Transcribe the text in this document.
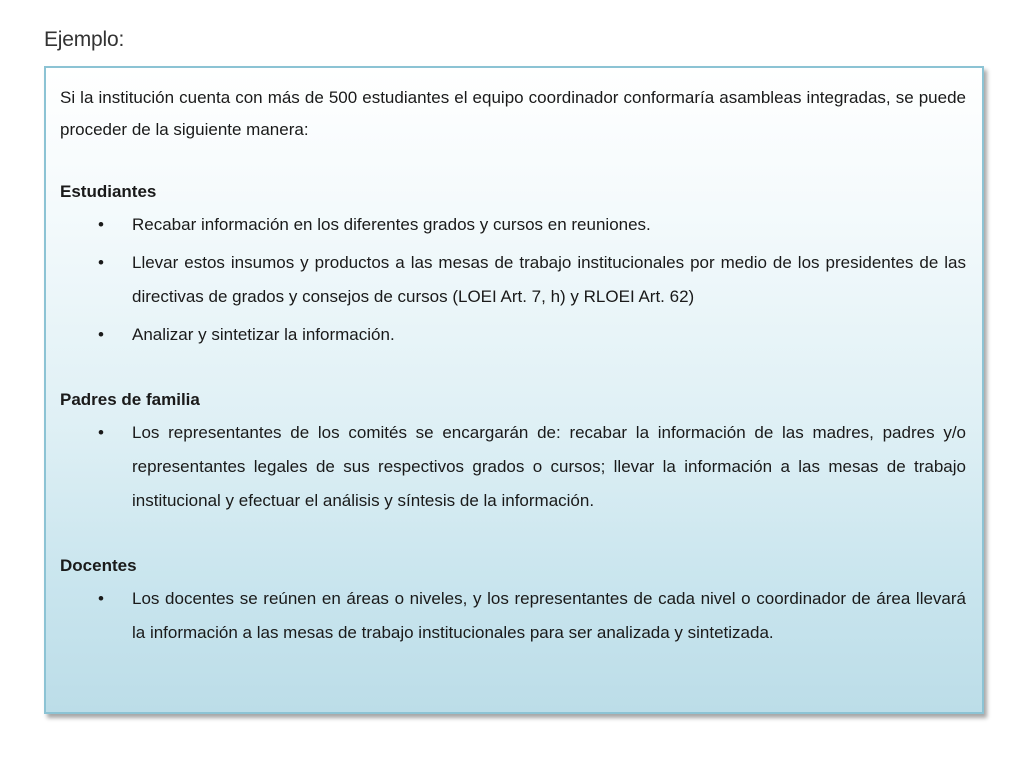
Ejemplo:

Si la institución cuenta con más de 500 estudiantes el equipo coordinador conformaría asambleas integradas, se puede proceder de la siguiente manera:

Estudiantes

• Recabar información en los diferentes grados y cursos en reuniones.
• Llevar estos insumos y productos a las mesas de trabajo institucionales por medio de los presidentes de las directivas de grados y consejos de cursos (LOEI Art. 7, h) y RLOEI Art. 62)
• Analizar y sintetizar la información.

Padres de familia

• Los representantes de los comités se encargarán de: recabar la información de las madres, padres y/o representantes legales de sus respectivos grados o cursos; llevar la información a las mesas de trabajo institucional y efectuar el análisis y síntesis de la información.

Docentes

• Los docentes se reúnen en áreas o niveles, y los representantes de cada nivel o coordinador de área llevará la información a las mesas de trabajo institucionales para ser analizada y sintetizada.
